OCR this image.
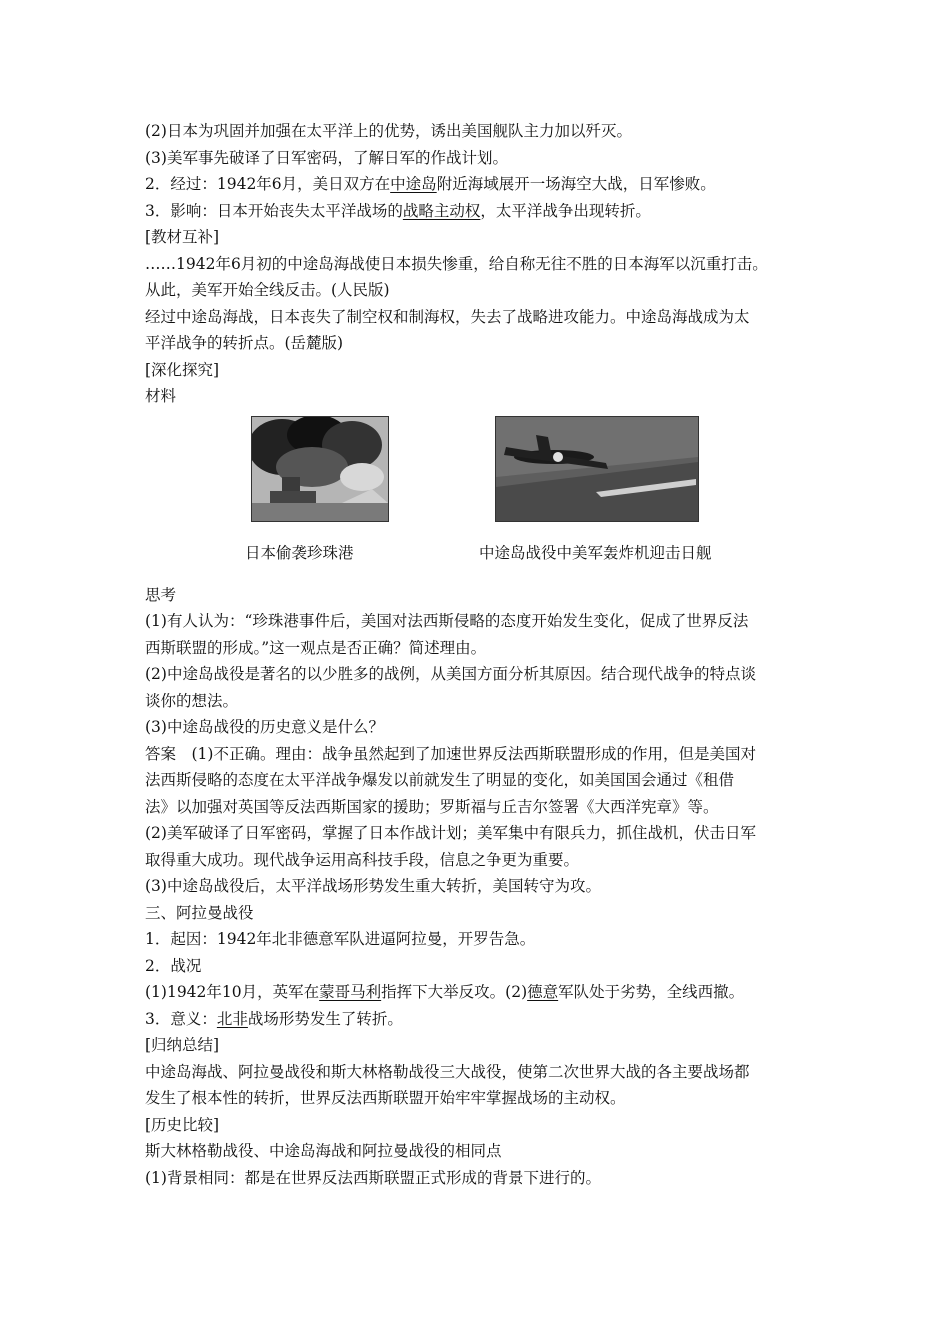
(2)日本为巩固并加强在太平洋上的优势，诱出美国舰队主力加以歼灭。
(3)美军事先破译了日军密码，了解日军的作战计划。
2．经过：1942年6月，美日双方在中途岛附近海域展开一场海空大战，日军惨败。
3．影响：日本开始丧失太平洋战场的战略主动权，太平洋战争出现转折。
[教材互补]
……1942年6月初的中途岛海战使日本损失惨重，给自称无往不胜的日本海军以沉重打击。
从此，美军开始全线反击。(人民版)
经过中途岛海战，日本丧失了制空权和制海权，失去了战略进攻能力。中途岛海战成为太
平洋战争的转折点。(岳麓版)
[深化探究]
材料
日本偷袭珍珠港	中途岛战役中美军轰炸机迎击日舰
思考
(1)有人认为：“珍珠港事件后，美国对法西斯侵略的态度开始发生变化，促成了世界反法
西斯联盟的形成。”这一观点是否正确？简述理由。
(2)中途岛战役是著名的以少胜多的战例，从美国方面分析其原因。结合现代战争的特点谈
谈你的想法。
(3)中途岛战役的历史意义是什么？
答案　(1)不正确。理由：战争虽然起到了加速世界反法西斯联盟形成的作用，但是美国对
法西斯侵略的态度在太平洋战争爆发以前就发生了明显的变化，如美国国会通过《租借
法》以加强对英国等反法西斯国家的援助；罗斯福与丘吉尔签署《大西洋宪章》等。
(2)美军破译了日军密码，掌握了日本作战计划；美军集中有限兵力，抓住战机，伏击日军
取得重大成功。现代战争运用高科技手段，信息之争更为重要。
(3)中途岛战役后，太平洋战场形势发生重大转折，美国转守为攻。
三、阿拉曼战役
1．起因：1942年北非德意军队进逼阿拉曼，开罗告急。
2．战况
(1)1942年10月，英军在蒙哥马利指挥下大举反攻。(2)德意军队处于劣势，全线西撤。
3．意义：北非战场形势发生了转折。
[归纳总结]
中途岛海战、阿拉曼战役和斯大林格勒战役三大战役，使第二次世界大战的各主要战场都
发生了根本性的转折，世界反法西斯联盟开始牢牢掌握战场的主动权。
[历史比较]
斯大林格勒战役、中途岛海战和阿拉曼战役的相同点
(1)背景相同：都是在世界反法西斯联盟正式形成的背景下进行的。
